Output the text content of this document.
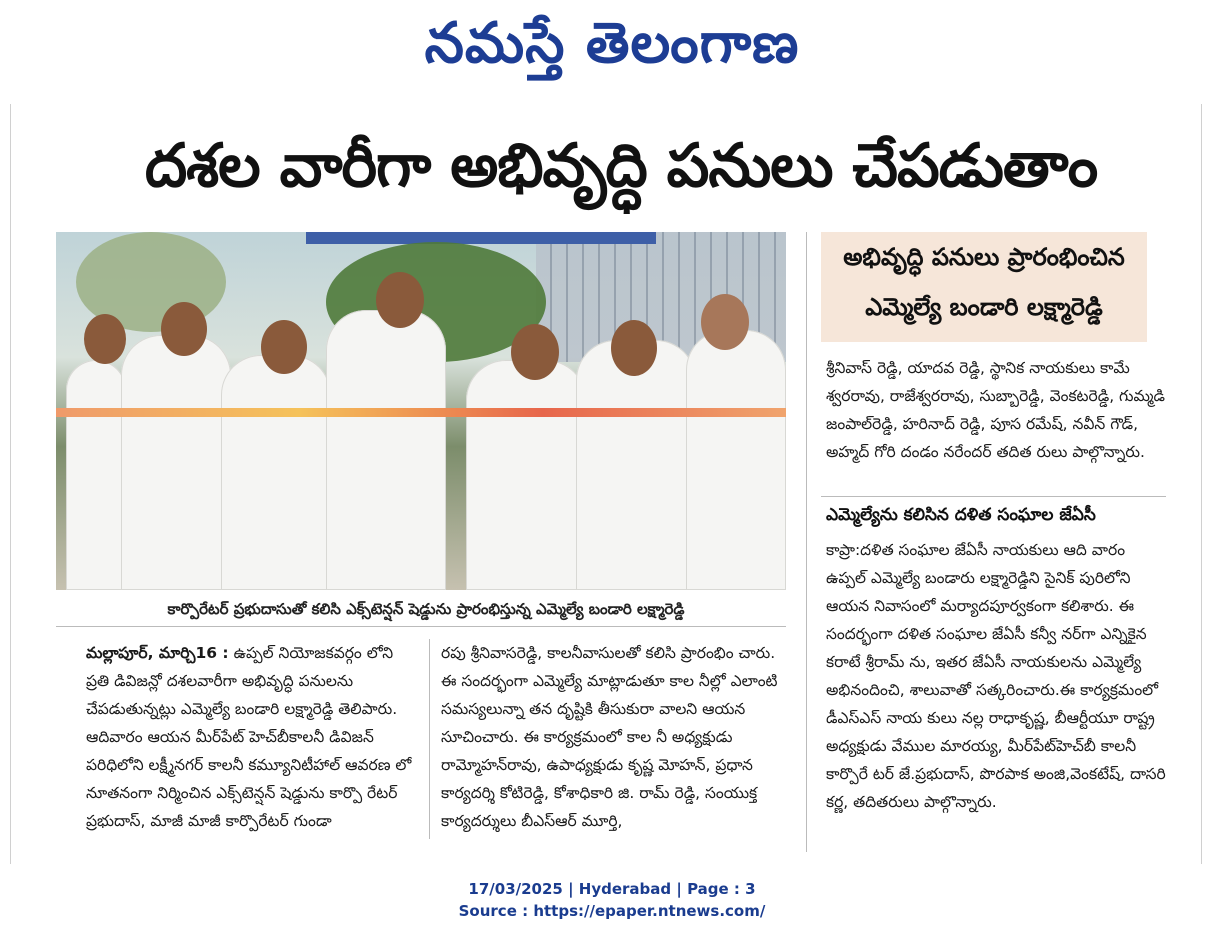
నమస్తే తెలంగాణ
దశల వారీగా అభివృద్ధి పనులు చేపడుతాం
కార్పొరేటర్ ప్రభుదాసుతో కలిసి ఎక్స్‌టెన్షన్ షెడ్డును ప్రారంభిస్తున్న ఎమ్మెల్యే బండారి లక్ష్మారెడ్డి
అభివృద్ధి పనులు ప్రారంభించిన
ఎమ్మెల్యే బండారి లక్ష్మారెడ్డి

శ్రీనివాస్ రెడ్డి, యాదవ రెడ్డి, స్థానిక నాయకులు కామే శ్వరరావు, రాజేశ్వరరావు, సుబ్బారెడ్డి, వెంకటరెడ్డి, గుమ్మడి జంపాల్‌రెడ్డి, హరినాద్ రెడ్డి, పూస రమేష్, నవీన్ గౌడ్, అహ్మద్ గోరి దండం నరేందర్ తదిత రులు పాల్గొన్నారు.

ఎమ్మెల్యేను కలిసిన దళిత సంఘాల జేఏసీ

కాప్రా:దళిత సంఘాల జేఏసీ నాయకులు ఆది వారం ఉప్పల్ ఎమ్మెల్యే బండారు లక్ష్మారెడ్డిని సైనిక్ పురిలోని ఆయన నివాసంలో మర్యాదపూర్వకంగా కలిశారు. ఈ సందర్భంగా దళిత సంఘాల జేఏసీ కన్వీ నర్‌గా ఎన్నికైన కరాటే శ్రీరామ్ ను, ఇతర జేఏసీ నాయకులను ఎమ్మెల్యే అభినందించి, శాలువాతో సత్కరించారు.ఈ కార్యక్రమంలో డీఎస్ఎస్ నాయ కులు నల్ల రాధాకృష్ణ, బీఆర్టీయూ రాష్ట్ర అధ్యక్షుడు వేముల మారయ్య, మీర్‌పేట్‌హెచ్‌బీ కాలనీ కార్పొరే టర్ జే.ప్రభుదాస్, పొరపాక అంజి,వెంకటేష్, దాసరి కర్ణ, తదితరులు పాల్గొన్నారు.

మల్లాపూర్, మార్చి16 : ఉప్పల్ నియోజకవర్గం లోని ప్రతి డివిజన్లో దశలవారీగా అభివృద్ధి పనులను చేపడుతున్నట్లు ఎమ్మెల్యే బండారి లక్ష్మారెడ్డి తెలిపారు. ఆదివారం ఆయన మీర్‌పేట్ హెచ్‌బీకాలనీ డివిజన్ పరిధిలోని లక్ష్మీనగర్ కాలనీ కమ్యూనిటీహాల్ ఆవరణ లో నూతనంగా నిర్మించిన ఎక్స్‌టెన్షన్ షెడ్డును కార్పొ రేటర్ ప్రభుదాస్, మాజీ మాజీ కార్పొరేటర్ గుండా

రపు శ్రీనివాసరెడ్డి, కాలనీవాసులతో కలిసి ప్రారంభిం చారు. ఈ సందర్భంగా ఎమ్మెల్యే మాట్లాడుతూ కాల నీల్లో ఎలాంటి సమస్యలున్నా తన దృష్టికి తీసుకురా వాలని ఆయన సూచించారు. ఈ కార్యక్రమంలో కాల నీ అధ్యక్షుడు రామ్మోహన్‌రావు, ఉపాధ్యక్షుడు కృష్ణ మోహన్, ప్రధాన కార్యదర్శి కోటిరెడ్డి, కోశాధికారి జి. రామ్ రెడ్డి, సంయుక్త కార్యదర్శులు బీఎస్ఆర్ మూర్తి,

17/03/2025 | Hyderabad | Page : 3
Source : https://epaper.ntnews.com/
